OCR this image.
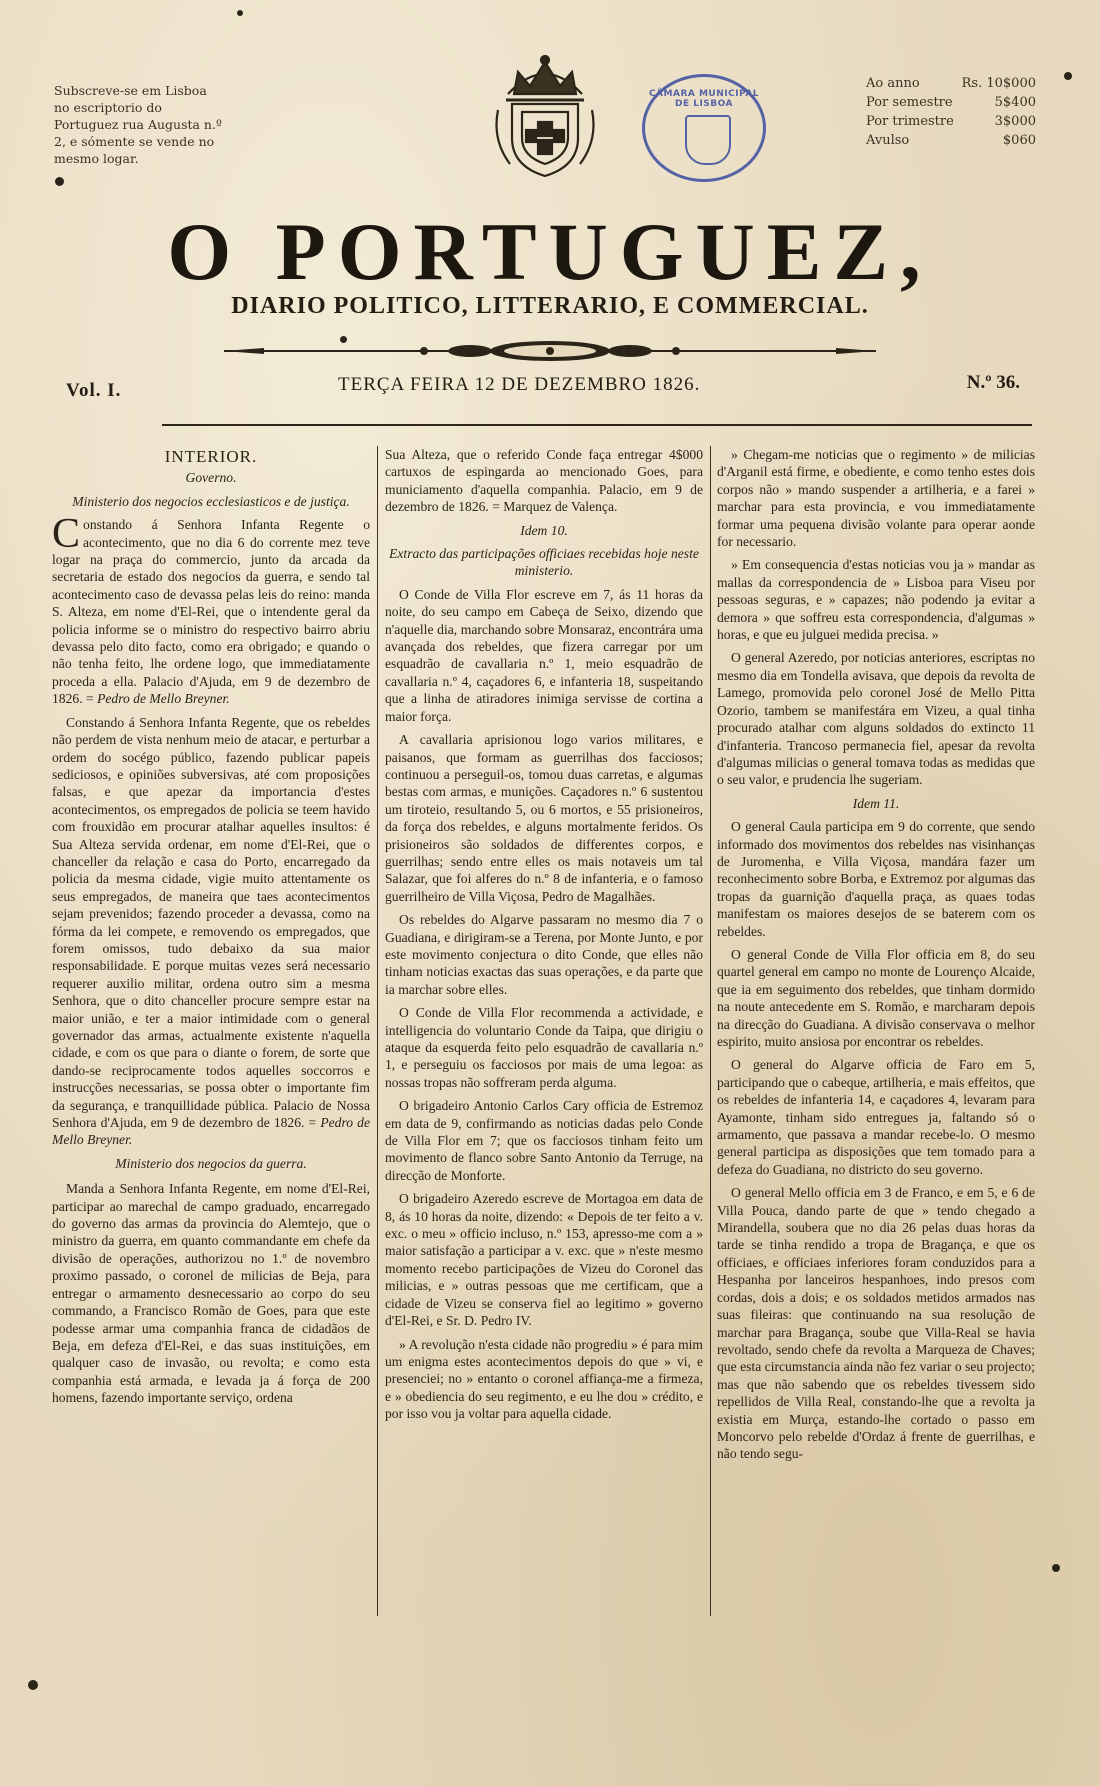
Subscreve-se em Lisboa no escriptorio do Portuguez rua Augusta n.º 2, e sómente se vende no mesmo logar.
CÂMARA MUNICIPAL DE LISBOA
Ao anno	Rs. 10$000
Por semestre	5$400
Por trimestre	3$000
Avulso	$060
O PORTUGUEZ,
DIARIO POLITICO, LITTERARIO, E COMMERCIAL.
Vol. I.	TERÇA FEIRA 12 DE DEZEMBRO 1826.	N.º 36.

INTERIOR.

Governo.

Ministerio dos negocios ecclesiasticos e de justiça.

Constando á Senhora Infanta Regente o acontecimento, que no dia 6 do corrente mez teve logar na praça do commercio, junto da arcada da secretaria de estado dos negocios da guerra, e sendo tal acontecimento caso de devassa pelas leis do reino: manda S. Alteza, em nome d'El-Rei, que o intendente geral da policia informe se o ministro do respectivo bairro abriu devassa pelo dito facto, como era obrigado; e quando o não tenha feito, lhe ordene logo, que immediatamente proceda a ella. Palacio d'Ajuda, em 9 de dezembro de 1826. = Pedro de Mello Breyner.

Constando á Senhora Infanta Regente, que os rebeldes não perdem de vista nenhum meio de atacar, e perturbar a ordem do socégo público, fazendo publicar papeis sediciosos, e opiniões subversivas, até com proposições falsas, e que apezar da importancia d'estes acontecimentos, os empregados de policia se teem havido com frouxidão em procurar atalhar aquelles insultos: é Sua Alteza servida ordenar, em nome d'El-Rei, que o chanceller da relação e casa do Porto, encarregado da policia da mesma cidade, vigie muito attentamente os seus empregados, de maneira que taes acontecimentos sejam prevenidos; fazendo proceder a devassa, como na fórma da lei compete, e removendo os empregados, que forem omissos, tudo debaixo da sua maior responsabilidade. E porque muitas vezes será necessario requerer auxilio militar, ordena outro sim a mesma Senhora, que o dito chanceller procure sempre estar na maior união, e ter a maior intimidade com o general governador das armas, actualmente existente n'aquella cidade, e com os que para o diante o forem, de sorte que dando-se reciprocamente todos aquelles soccorros e instrucções necessarias, se possa obter o importante fim da segurança, e tranquillidade pública. Palacio de Nossa Senhora d'Ajuda, em 9 de dezembro de 1826. = Pedro de Mello Breyner.

Ministerio dos negocios da guerra.

Manda a Senhora Infanta Regente, em nome d'El-Rei, participar ao marechal de campo graduado, encarregado do governo das armas da provincia do Alemtejo, que o ministro da guerra, em quanto commandante em chefe da divisão de operações, authorizou no 1.º de novembro proximo passado, o coronel de milicias de Beja, para entregar o armamento desnecessario ao corpo do seu commando, a Francisco Romão de Goes, para que este podesse armar uma companhia franca de cidadãos de Beja, em defeza d'El-Rei, e das suas instituições, em qualquer caso de invasão, ou revolta; e como esta companhia está armada, e levada ja á força de 200 homens, fazendo importante serviço, ordena

Sua Alteza, que o referido Conde faça entregar 4$000 cartuxos de espingarda ao mencionado Goes, para municiamento d'aquella companhia. Palacio, em 9 de dezembro de 1826. = Marquez de Valença.

Idem 10.

Extracto das participações officiaes recebidas hoje neste ministerio.

O Conde de Villa Flor escreve em 7, ás 11 horas da noite, do seu campo em Cabeça de Seixo, dizendo que n'aquelle dia, marchando sobre Monsaraz, encontrára uma avançada dos rebeldes, que fizera carregar por um esquadrão de cavallaria n.º 1, meio esquadrão de cavallaria n.º 4, caçadores 6, e infanteria 18, suspeitando que a linha de atiradores inimiga servisse de cortina a maior força.

A cavallaria aprisionou logo varios militares, e paisanos, que formam as guerrilhas dos facciosos; continuou a perseguil-os, tomou duas carretas, e algumas bestas com armas, e munições. Caçadores n.º 6 sustentou um tiroteio, resultando 5, ou 6 mortos, e 55 prisioneiros, da força dos rebeldes, e alguns mortalmente feridos. Os prisioneiros são soldados de differentes corpos, e guerrilhas; sendo entre elles os mais notaveis um tal Salazar, que foi alferes do n.º 8 de infanteria, e o famoso guerrilheiro de Villa Viçosa, Pedro de Magalhães.

Os rebeldes do Algarve passaram no mesmo dia 7 o Guadiana, e dirigiram-se a Terena, por Monte Junto, e por este movimento conjectura o dito Conde, que elles não tinham noticias exactas das suas operações, e da parte que ia marchar sobre elles.

O Conde de Villa Flor recommenda a actividade, e intelligencia do voluntario Conde da Taipa, que dirigiu o ataque da esquerda feito pelo esquadrão de cavallaria n.º 1, e perseguiu os facciosos por mais de uma legoa: as nossas tropas não soffreram perda alguma.

O brigadeiro Antonio Carlos Cary officia de Estremoz em data de 9, confirmando as noticias dadas pelo Conde de Villa Flor em 7; que os facciosos tinham feito um movimento de flanco sobre Santo Antonio da Terruge, na direcção de Monforte.

O brigadeiro Azeredo escreve de Mortagoa em data de 8, ás 10 horas da noite, dizendo: « Depois de ter feito a v. exc. o meu » officio incluso, n.º 153, apresso-me com a » maior satisfação a participar a v. exc. que » n'este mesmo momento recebo participações de Vizeu do Coronel das milicias, e » outras pessoas que me certificam, que a cidade de Vizeu se conserva fiel ao legitimo » governo d'El-Rei, e Sr. D. Pedro IV.

» A revolução n'esta cidade não progrediu » é para mim um enigma estes acontecimentos depois do que » vi, e presenciei; no » entanto o coronel affiança-me a firmeza, e » obediencia do seu regimento, e eu lhe dou » crédito, e por isso vou ja voltar para aquella cidade.

» Chegam-me noticias que o regimento » de milicias d'Arganil está firme, e obediente, e como tenho estes dois corpos não » mando suspender a artilheria, e a farei » marchar para esta provincia, e vou immediatamente formar uma pequena divisão volante para operar aonde for necessario.

» Em consequencia d'estas noticias vou ja » mandar as mallas da correspondencia de » Lisboa para Viseu por pessoas seguras, e » capazes; não podendo ja evitar a demora » que soffreu esta correspondencia, d'algumas » horas, e que eu julguei medida precisa. »

O general Azeredo, por noticias anteriores, escriptas no mesmo dia em Tondella avisava, que depois da revolta de Lamego, promovida pelo coronel José de Mello Pitta Ozorio, tambem se manifestára em Vizeu, a qual tinha procurado atalhar com alguns soldados do extincto 11 d'infanteria. Trancoso permanecia fiel, apesar da revolta d'algumas milicias o general tomava todas as medidas que o seu valor, e prudencia lhe sugeriam.

Idem 11.

O general Caula participa em 9 do corrente, que sendo informado dos movimentos dos rebeldes nas visinhanças de Juromenha, e Villa Viçosa, mandára fazer um reconhecimento sobre Borba, e Extremoz por algumas das tropas da guarnição d'aquella praça, as quaes todas manifestam os maiores desejos de se baterem com os rebeldes.

O general Conde de Villa Flor officia em 8, do seu quartel general em campo no monte de Lourenço Alcaide, que ia em seguimento dos rebeldes, que tinham dormido na noute antecedente em S. Romão, e marcharam depois na direcção do Guadiana. A divisão conservava o melhor espirito, muito ansiosa por encontrar os rebeldes.

O general do Algarve officia de Faro em 5, participando que o cabeque, artilheria, e mais effeitos, que os rebeldes de infanteria 14, e caçadores 4, levaram para Ayamonte, tinham sido entregues ja, faltando só o armamento, que passava a mandar recebe-lo. O mesmo general participa as disposições que tem tomado para a defeza do Guadiana, no districto do seu governo.

O general Mello officia em 3 de Franco, e em 5, e 6 de Villa Pouca, dando parte de que » tendo chegado a Mirandella, soubera que no dia 26 pelas duas horas da tarde se tinha rendido a tropa de Bragança, e que os officiaes, e officiaes inferiores foram conduzidos para a Hespanha por lanceiros hespanhoes, indo presos com cordas, dois a dois; e os soldados metidos armados nas suas fileiras: que continuando na sua resolução de marchar para Bragança, soube que Villa-Real se havia revoltado, sendo chefe da revolta a Marqueza de Chaves; que esta circumstancia ainda não fez variar o seu projecto; mas que não sabendo que os rebeldes tivessem sido repellidos de Villa Real, constando-lhe que a revolta ja existia em Murça, estando-lhe cortado o passo em Moncorvo pelo rebelde d'Ordaz á frente de guerrilhas, e não tendo segu-
